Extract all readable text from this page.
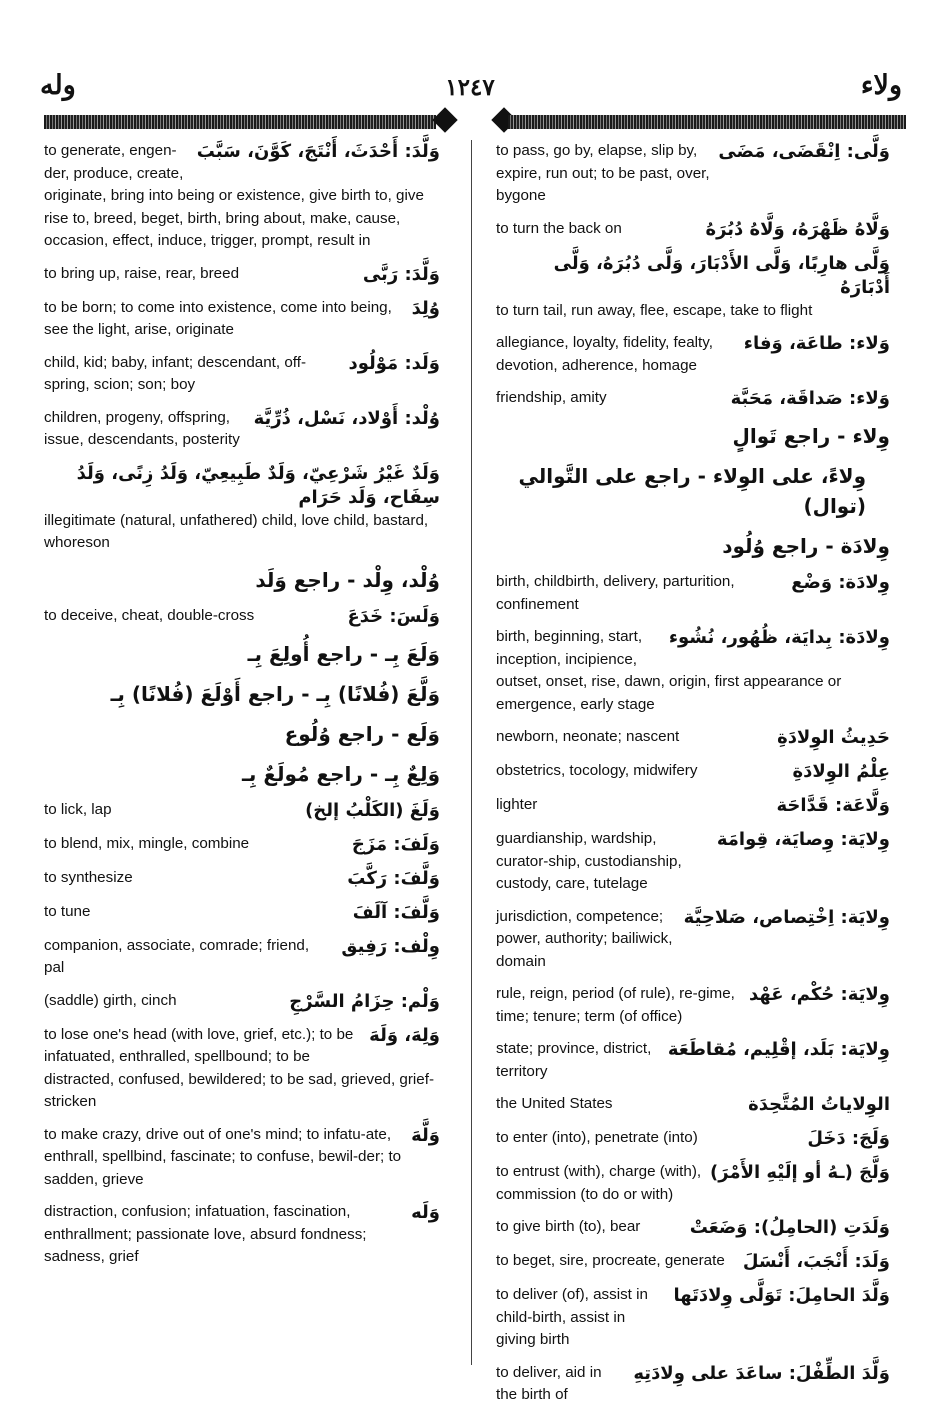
وله	١٢٤٧	ولاء
وَلَّدَ: أَحْدَثَ، أَنْتَجَ، كَوَّنَ، سَبَّبَ
to generate, engen-der, produce, create, originate, bring into being or existence, give birth to, give rise to, breed, beget, birth, bring about, make, cause, occasion, effect, induce, trigger, prompt, result in
وَلَّدَ: رَبَّى
to bring up, raise, rear, breed
وُلِدَ
to be born; to come into existence, come into being, see the light, arise, originate
وَلَد: مَوْلُود
child, kid; baby, infant; descendant, off-spring, scion; son; boy
وُلْد: أَوْلاد، نَسْل، ذُرِّيَّة
children, progeny, offspring, issue, descendants, posterity
وَلَدٌ غَيْرُ شَرْعِيّ، وَلَدٌ طَبِيعِيّ، وَلَدُ زِنًى، وَلَدُ سِفَاح، وَلَد حَرَام
illegitimate (natural, unfathered) child, love child, bastard, whoreson
وُلْد، وِلْد - راجع وَلَد
وَلَسَ: خَدَعَ
to deceive, cheat, double-cross
وَلَعَ بِـ - راجع أُولِعَ بِـ
وَلَّعَ (فُلانًا) بِـ - راجع أَوْلَعَ (فُلانًا) بِـ
وَلَع - راجع وُلُوع
وَلِعٌ بِـ - راجع مُولَعٌ بِـ
وَلَغَ (الكَلْبُ إلخ)
to lick, lap
وَلَفَ: مَزَجَ
to blend, mix, mingle, combine
وَلَّفَ: رَكَّبَ
to synthesize
وَلَّفَ: آلَفَ
to tune
وِلْف: رَفِيق
companion, associate, comrade; friend, pal
وَلْم: حِزَامُ السَّرْجِ
(saddle) girth, cinch
وَلِهَ، وَلَهَ
to lose one's head (with love, grief, etc.); to be infatuated, enthralled, spellbound; to be distracted, confused, bewildered; to be sad, grieved, grief-stricken
وَلَّهَ
to make crazy, drive out of one's mind; to infatu-ate, enthrall, spellbind, fascinate; to confuse, bewil-der; to sadden, grieve
وَلَه
distraction, confusion; infatuation, fascination, enthrallment; passionate love, absurd fondness; sadness, grief
وَلَّى: اِنْقَضَى، مَضَى
to pass, go by, elapse, slip by, expire, run out; to be past, over, bygone
وَلَّاهُ ظَهْرَهُ، وَلَّاهُ دُبُرَهُ
to turn the back on
وَلَّى هارِبًا، وَلَّى الأَدْبَارَ، وَلَّى دُبُرَهُ، وَلَّى أَدْبَارَهُ
to turn tail, run away, flee, escape, take to flight
وَلاء: طاعَة، وَفاء
allegiance, loyalty, fidelity, fealty, devotion, adherence, homage
وَلاء: صَداقَة، مَحَبَّة
friendship, amity
وِلاء - راجع تَوالٍ
وِلاءً، على الوِلاء - راجع على التَّوالي (توال)
وِلادَة - راجع وُلُود
وِلادَة: وَضْع
birth, childbirth, delivery, parturition, confinement
وِلادَة: بِدايَة، ظُهُور، نُشُوء
birth, beginning, start, inception, incipience, outset, onset, rise, dawn, origin, first appearance or emergence, early stage
حَدِيثُ الوِلادَةِ
newborn, neonate; nascent
عِلْمُ الوِلادَةِ
obstetrics, tocology, midwifery
وَلَّاعَة: قَدَّاحَة
lighter
وِلايَة: وِصايَة، قِوامَة
guardianship, wardship, curator-ship, custodianship, custody, care, tutelage
وِلايَة: اِخْتِصاص، صَلاحِيَّة
jurisdiction, competence; power, authority; bailiwick, domain
وِلايَة: حُكْم، عَهْد
rule, reign, period (of rule), re-gime, time; tenure; term (of office)
وِلايَة: بَلَد، إقْلِيم، مُقاطَعَة
state; province, district, territory
الوِلاياتُ المُتَّحِدَة
the United States
وَلَجَ: دَخَلَ
to enter (into), penetrate (into)
وَلَّجَ (ـهُ أو إلَيْهِ الأَمْرَ)
to entrust (with), charge (with), commission (to do or with)
وَلَدَتِ (الحامِلُ): وَضَعَتْ
to give birth (to), bear
وَلَدَ: أَنْجَبَ، أَنْسَلَ
to beget, sire, procreate, generate
وَلَّدَ الحامِلَ: تَوَلَّى وِلادَتَها
to deliver (of), assist in child-birth, assist in giving birth
وَلَّدَ الطِّفْلَ: ساعَدَ على وِلادَتِهِ
to deliver, aid in the birth of
